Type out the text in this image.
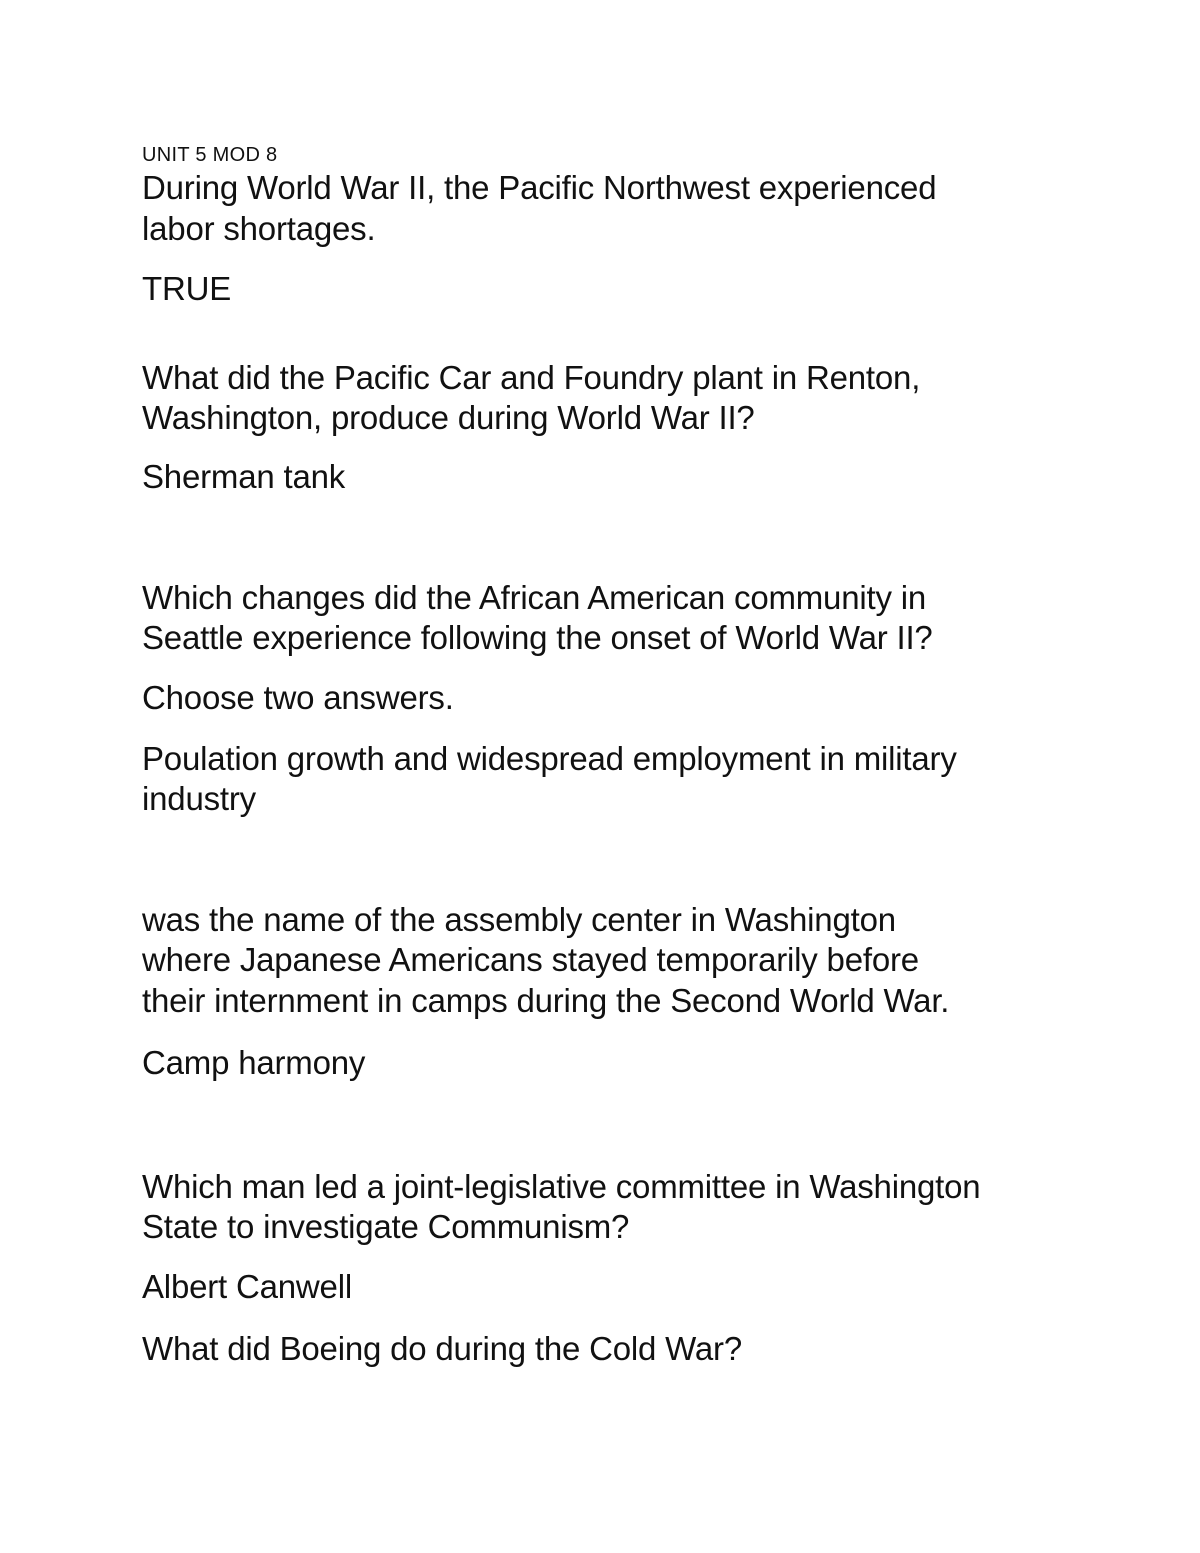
UNIT 5 MOD 8

During World War II, the Pacific Northwest experienced

labor shortages.

TRUE

What did the Pacific Car and Foundry plant in Renton,

Washington, produce during World War II?

Sherman tank

Which changes did the African American community in

Seattle experience following the onset of World War II?

Choose two answers.

Poulation growth and widespread employment in military

industry

was the name of the assembly center in Washington

where Japanese Americans stayed temporarily before

their internment in camps during the Second World War.

Camp harmony

Which man led a joint-legislative committee in Washington

State to investigate Communism?

Albert Canwell

What did Boeing do during the Cold War?
